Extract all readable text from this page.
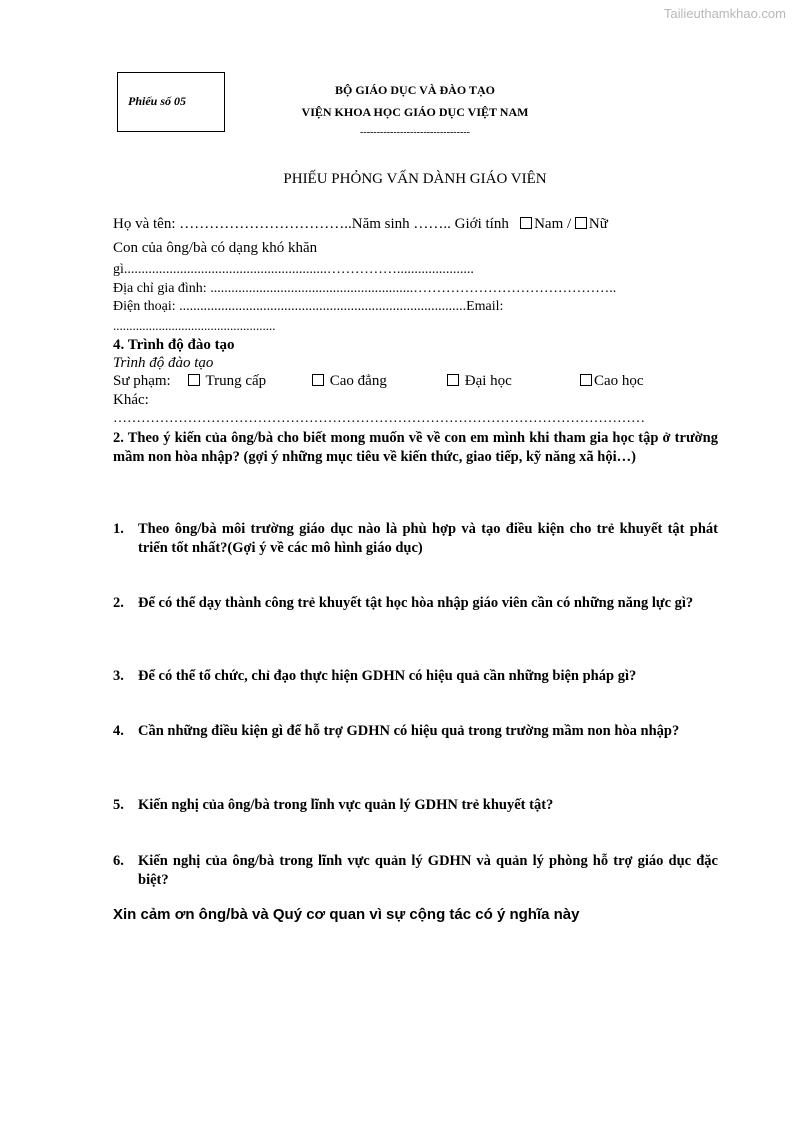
Tailieuthamkhao.com
Phiếu số 05
BỘ GIÁO DỤC VÀ ĐÀO TẠO
VIỆN KHOA HỌC GIÁO DỤC VIỆT NAM
---------------------------------
PHIẾU PHỎNG VẤN DÀNH GIÁO VIÊN
Họ và tên: ……………………………..Năm sinh …….. Giới tính Nam / Nữ
Con của ông/bà có dạng khó khăn
gì..........................................................……………......................
Địa chỉ gia đình: ..........................................................……………………………………..
Điện thoại: ..................................................................................Email:
..................................................
4. Trình độ đào tạo
Trình độ đào tạo
Sư phạm:	Trung cấp	Cao đẳng	Đại học	Cao học
Khác:
……………………………………………………………………………………………………
2. Theo ý kiến của ông/bà cho biết mong muốn về về con em mình khi tham gia học tập ở trường mầm non hòa nhập? (gợi ý những mục tiêu về kiến thức, giao tiếp, kỹ năng xã hội…)
1. Theo ông/bà môi trường giáo dục nào là phù hợp và tạo điều kiện cho trẻ khuyết tật phát triển tốt nhất?(Gợi ý về các mô hình giáo dục)
2. Để có thể dạy thành công trẻ khuyết tật học hòa nhập giáo viên cần có những năng lực gì?
3. Để có thể tổ chức, chỉ đạo thực hiện GDHN có hiệu quả cần những biện pháp gì?
4. Cần những điều kiện gì để hỗ trợ GDHN có hiệu quả trong trường mầm non hòa nhập?
5. Kiến nghị của ông/bà trong lĩnh vực quản lý GDHN trẻ khuyết tật?
6. Kiến nghị của ông/bà trong lĩnh vực quản lý GDHN và quản lý phòng hỗ trợ giáo dục đặc biệt?
Xin cảm ơn ông/bà và Quý cơ quan vì sự cộng tác có ý nghĩa này
